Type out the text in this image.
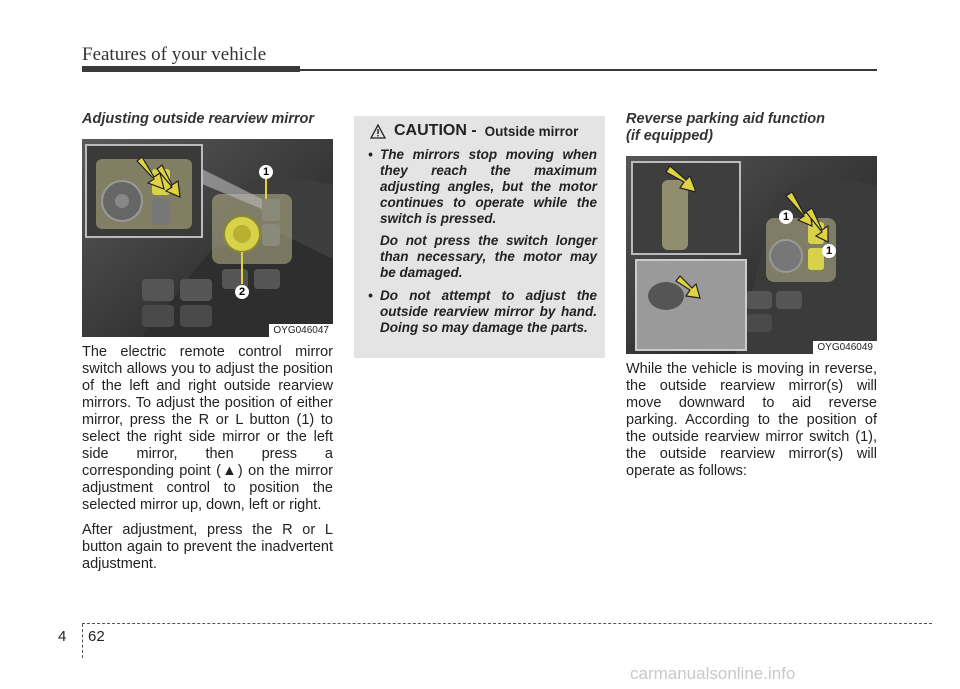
Features of your vehicle
Adjusting outside rearview mirror
1
2
OYG046047

The electric remote control mirror switch allows you to adjust the position of the left and right outside rearview mirrors. To adjust the position of either mirror, press the R or L button (1) to select the right side mirror or the left side mirror, then press a corresponding point (▲) on the mirror adjustment control to position the selected mirror up, down, left or right.

After adjustment, press the R or L button again to prevent the inadvertent adjustment.

CAUTION - Outside mirror
• The mirrors stop moving when they reach the maximum adjusting angles, but the motor continues to operate while the switch is pressed.

Do not press the switch longer than necessary, the motor may be damaged.

• Do not attempt to adjust the outside rearview mirror by hand. Doing so may damage the parts.

Reverse parking aid function
(if equipped)
1
1
OYG046049

While the vehicle is moving in reverse, the outside rearview mirror(s) will move downward to aid reverse parking. According to the position of the outside rearview mirror switch (1), the outside rearview mirror(s) will operate as follows:

4 62
carmanualsonline.info
